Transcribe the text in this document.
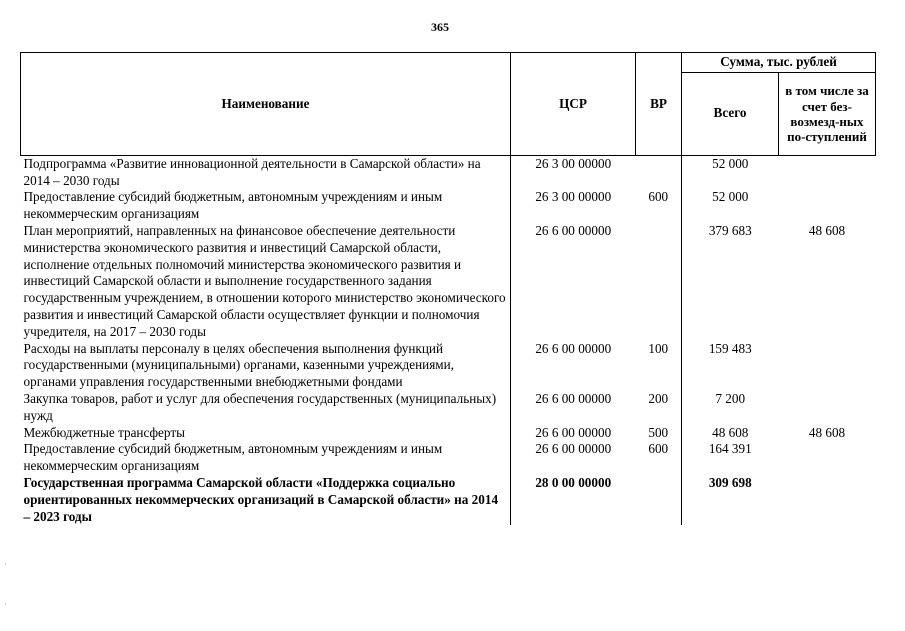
365
Наименование	ЦСР	ВР	Сумма, тыс. рублей	
			Всего	в том числе за счет без-возмезд-ных по-ступлений
Подпрограмма «Развитие инновационной деятельности в Самарской области» на 2014 – 2030 годы	26 3 00 00000		52 000	
Предоставление субсидий бюджетным, автономным учреждениям и иным некоммерческим организациям	26 3 00 00000	600	52 000	
План мероприятий, направленных на финансовое обеспечение деятельности министерства экономического развития и инвестиций Самарской области, исполнение отдельных полномочий министерства экономического развития и инвестиций Самарской области и выполнение государственного задания государственным учреждением, в отношении которого министерство экономического развития и инвестиций Самарской области осуществляет функции и полномочия учредителя, на 2017 – 2030 годы	26 6 00 00000		379 683	48 608
Расходы на выплаты персоналу в целях обеспечения выполнения функций государственными (муниципальными) органами, казенными учреждениями, органами управления государственными внебюджетными фондами	26 6 00 00000	100	159 483	
Закупка товаров, работ и услуг для обеспечения государственных (муниципальных) нужд	26 6 00 00000	200	7 200	
Межбюджетные трансферты	26 6 00 00000	500	48 608	48 608
Предоставление субсидий бюджетным, автономным учреждениям и иным некоммерческим организациям	26 6 00 00000	600	164 391	
Государственная программа Самарской области «Поддержка социально ориентированных некоммерческих организаций в Самарской области» на 2014 – 2023 годы	28 0 00 00000		309 698	
·
·
